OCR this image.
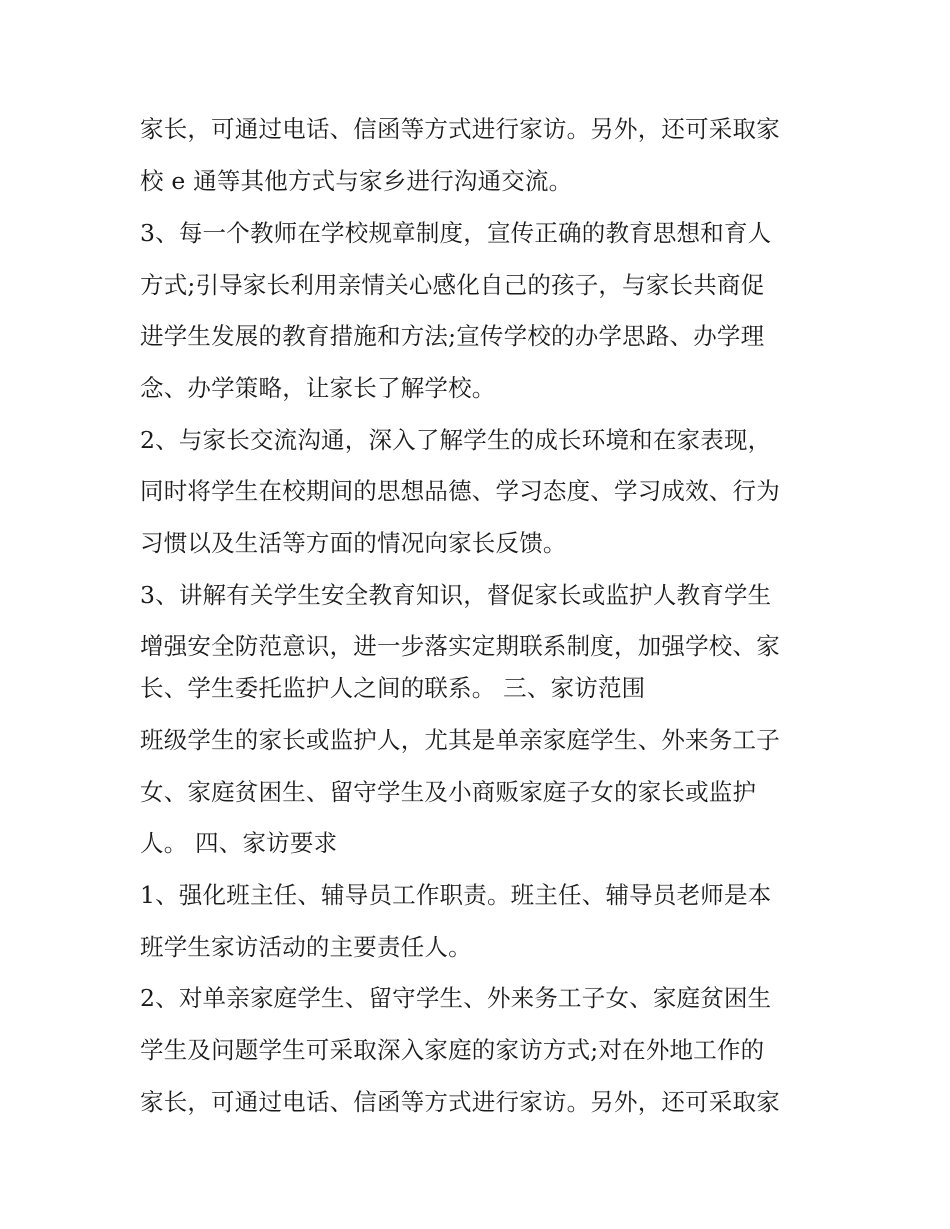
家长，可通过电话、信函等方式进行家访。另外，还可采取家
校 e 通等其他方式与家乡进行沟通交流。
3、每一个教师在学校规章制度，宣传正确的教育思想和育人
方式;引导家长利用亲情关心感化自己的孩子，与家长共商促
进学生发展的教育措施和方法;宣传学校的办学思路、办学理
念、办学策略，让家长了解学校。
2、与家长交流沟通，深入了解学生的成长环境和在家表现，
同时将学生在校期间的思想品德、学习态度、学习成效、行为
习惯以及生活等方面的情况向家长反馈。
3、讲解有关学生安全教育知识，督促家长或监护人教育学生
增强安全防范意识，进一步落实定期联系制度，加强学校、家
长、学生委托监护人之间的联系。 三、家访范围
班级学生的家长或监护人，尤其是单亲家庭学生、外来务工子
女、家庭贫困生、留守学生及小商贩家庭子女的家长或监护
人。 四、家访要求
1、强化班主任、辅导员工作职责。班主任、辅导员老师是本
班学生家访活动的主要责任人。
2、对单亲家庭学生、留守学生、外来务工子女、家庭贫困生
学生及问题学生可采取深入家庭的家访方式;对在外地工作的
家长，可通过电话、信函等方式进行家访。另外，还可采取家
